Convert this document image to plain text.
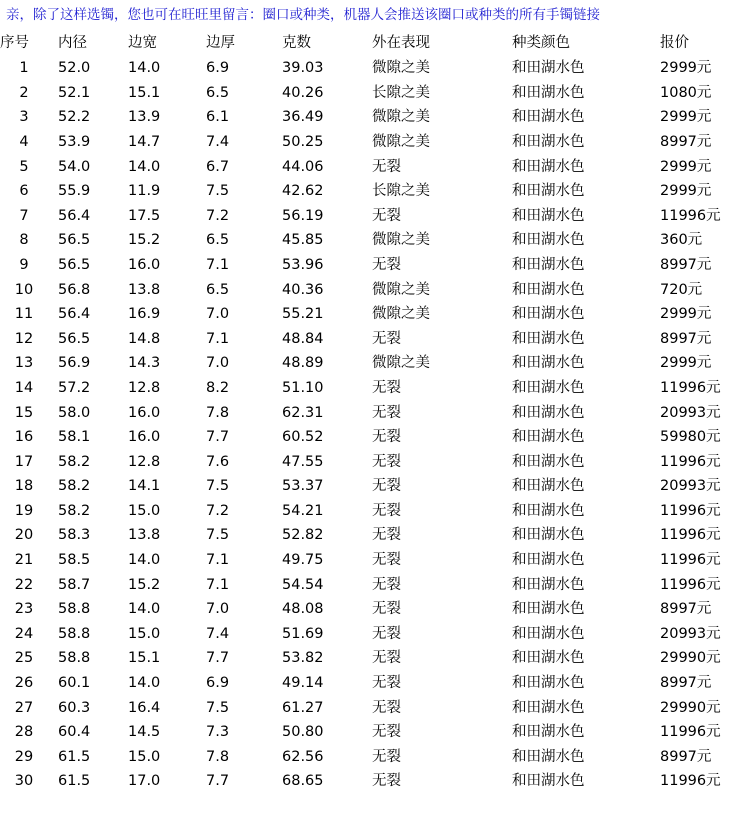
亲，除了这样选镯，您也可在旺旺里留言：圈口或种类，机器人会推送该圈口或种类的所有手镯链接
序号	内径	边宽	边厚	克数	外在表现	种类颜色	报价
1	52.0	14.0	6.9	39.03	微隙之美	和田湖水色	2999元
2	52.1	15.1	6.5	40.26	长隙之美	和田湖水色	1080元
3	52.2	13.9	6.1	36.49	微隙之美	和田湖水色	2999元
4	53.9	14.7	7.4	50.25	微隙之美	和田湖水色	8997元
5	54.0	14.0	6.7	44.06	无裂	和田湖水色	2999元
6	55.9	11.9	7.5	42.62	长隙之美	和田湖水色	2999元
7	56.4	17.5	7.2	56.19	无裂	和田湖水色	11996元
8	56.5	15.2	6.5	45.85	微隙之美	和田湖水色	360元
9	56.5	16.0	7.1	53.96	无裂	和田湖水色	8997元
10	56.8	13.8	6.5	40.36	微隙之美	和田湖水色	720元
11	56.4	16.9	7.0	55.21	微隙之美	和田湖水色	2999元
12	56.5	14.8	7.1	48.84	无裂	和田湖水色	8997元
13	56.9	14.3	7.0	48.89	微隙之美	和田湖水色	2999元
14	57.2	12.8	8.2	51.10	无裂	和田湖水色	11996元
15	58.0	16.0	7.8	62.31	无裂	和田湖水色	20993元
16	58.1	16.0	7.7	60.52	无裂	和田湖水色	59980元
17	58.2	12.8	7.6	47.55	无裂	和田湖水色	11996元
18	58.2	14.1	7.5	53.37	无裂	和田湖水色	20993元
19	58.2	15.0	7.2	54.21	无裂	和田湖水色	11996元
20	58.3	13.8	7.5	52.82	无裂	和田湖水色	11996元
21	58.5	14.0	7.1	49.75	无裂	和田湖水色	11996元
22	58.7	15.2	7.1	54.54	无裂	和田湖水色	11996元
23	58.8	14.0	7.0	48.08	无裂	和田湖水色	8997元
24	58.8	15.0	7.4	51.69	无裂	和田湖水色	20993元
25	58.8	15.1	7.7	53.82	无裂	和田湖水色	29990元
26	60.1	14.0	6.9	49.14	无裂	和田湖水色	8997元
27	60.3	16.4	7.5	61.27	无裂	和田湖水色	29990元
28	60.4	14.5	7.3	50.80	无裂	和田湖水色	11996元
29	61.5	15.0	7.8	62.56	无裂	和田湖水色	8997元
30	61.5	17.0	7.7	68.65	无裂	和田湖水色	11996元
